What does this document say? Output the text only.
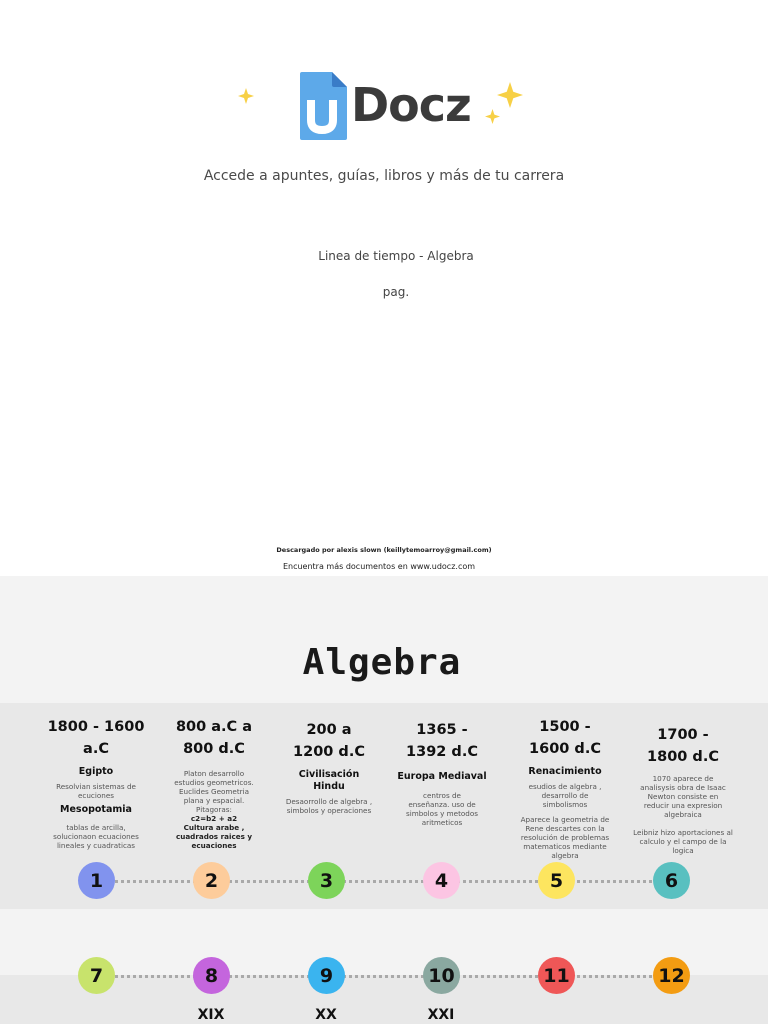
Docz
Accede a apuntes, guías, libros y más de tu carrera
Linea de tiempo - Algebra
pag.
Descargado por alexis slown (keillytemoarroy@gmail.com)
Encuentra más documentos en www.udocz.com
Algebra
1800 - 1600
a.C
Egipto
Resolvian sistemas de ecuciones
Mesopotamia
tablas de arcilla, solucionaon ecuaciones lineales y cuadraticas
800 a.C a
800 d.C
Platon desarrollo estudios geometricos.
Euclides Geometria plana y espacial.
Pitagoras:
c2=b2 + a2
Cultura arabe ,
cuadrados raices y ecuaciones
200 a
1200 d.C
Civilisación
Hindu
Desaorrollo de algebra , simbolos y operaciones
1365 -
1392 d.C
Europa Mediaval
centros de enseñanza. uso de simbolos y metodos aritmeticos
1500 -
1600 d.C
Renacimiento
esudios de algebra , desarrollo de simbolismos
Aparece la geometria de Rene descartes con la resolución de problemas matematicos mediante algebra
1700 -
1800 d.C
1070 aparece de analisysis obra de Isaac Newton consiste en reducir una expresion algebraica
Leibniz hizo aportaciones al calculo y el campo de la logica
1	2	3	4	5	6
7	8	9	10	11	12
XIX	XX	XXI
